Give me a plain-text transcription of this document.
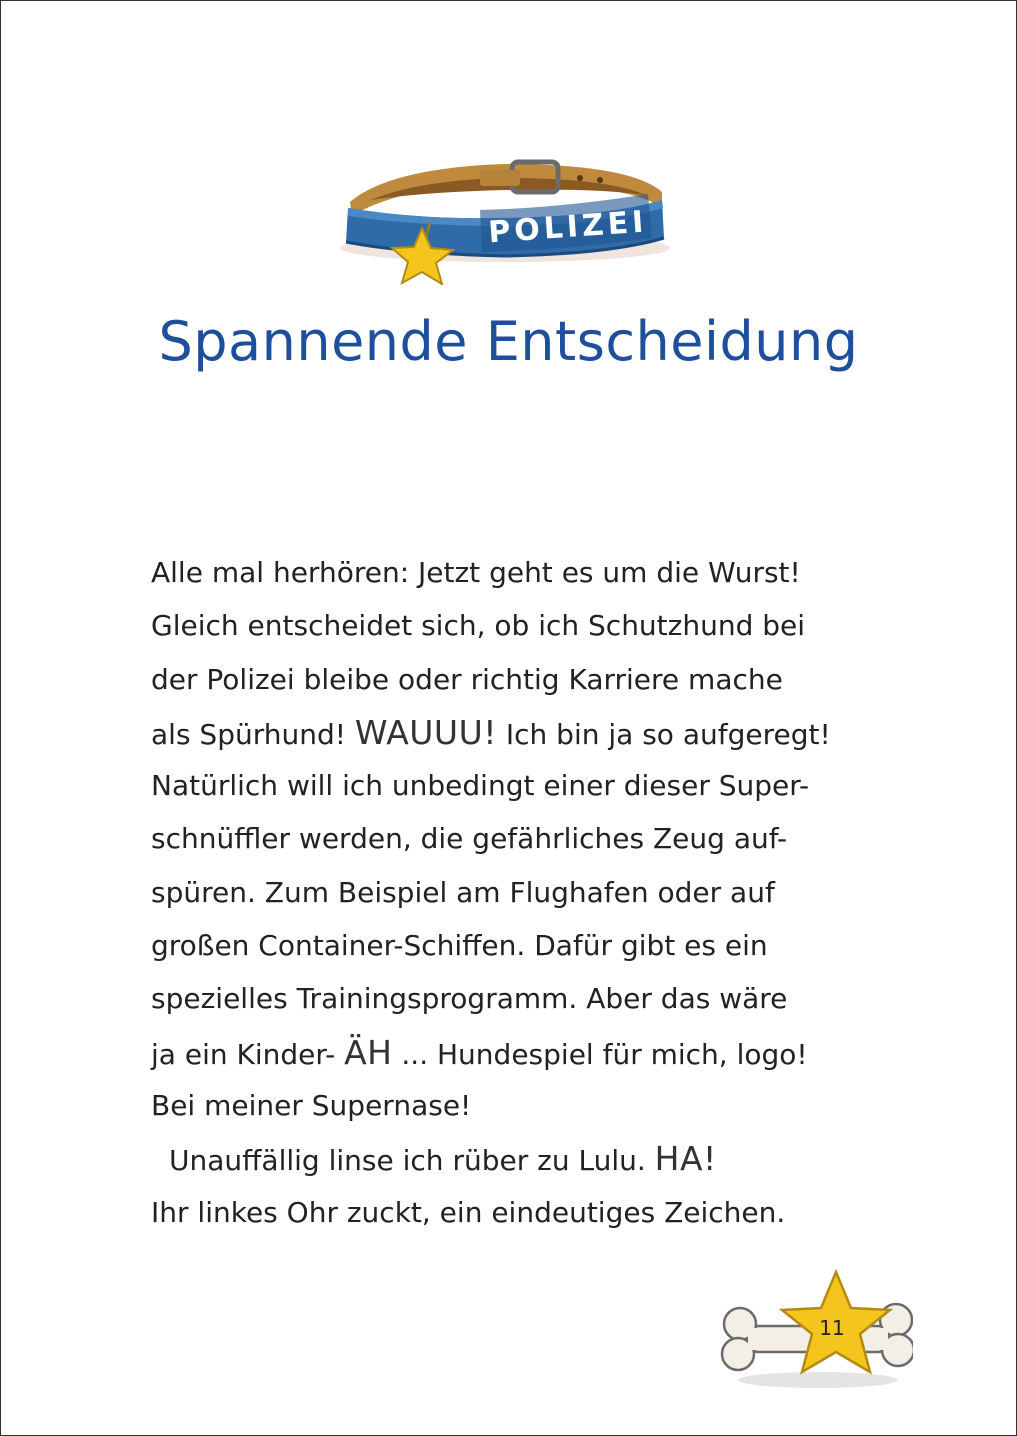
POLIZEI
Spannende Entscheidung
Alle mal herhören: Jetzt geht es um die Wurst!
Gleich entscheidet sich, ob ich Schutzhund bei
der Polizei bleibe oder richtig Karriere mache
als Spürhund! WAUUU! Ich bin ja so aufgeregt!
Natürlich will ich unbedingt einer dieser Super-
schnüffler werden, die gefährliches Zeug auf-
spüren. Zum Beispiel am Flughafen oder auf
großen Container-Schiffen. Dafür gibt es ein
spezielles Trainingsprogramm. Aber das wäre
ja ein Kinder- ÄH ... Hundespiel für mich, logo!
Bei meiner Supernase!
Unauffällig linse ich rüber zu Lulu. HA!
Ihr linkes Ohr zuckt, ein eindeutiges Zeichen.
11
